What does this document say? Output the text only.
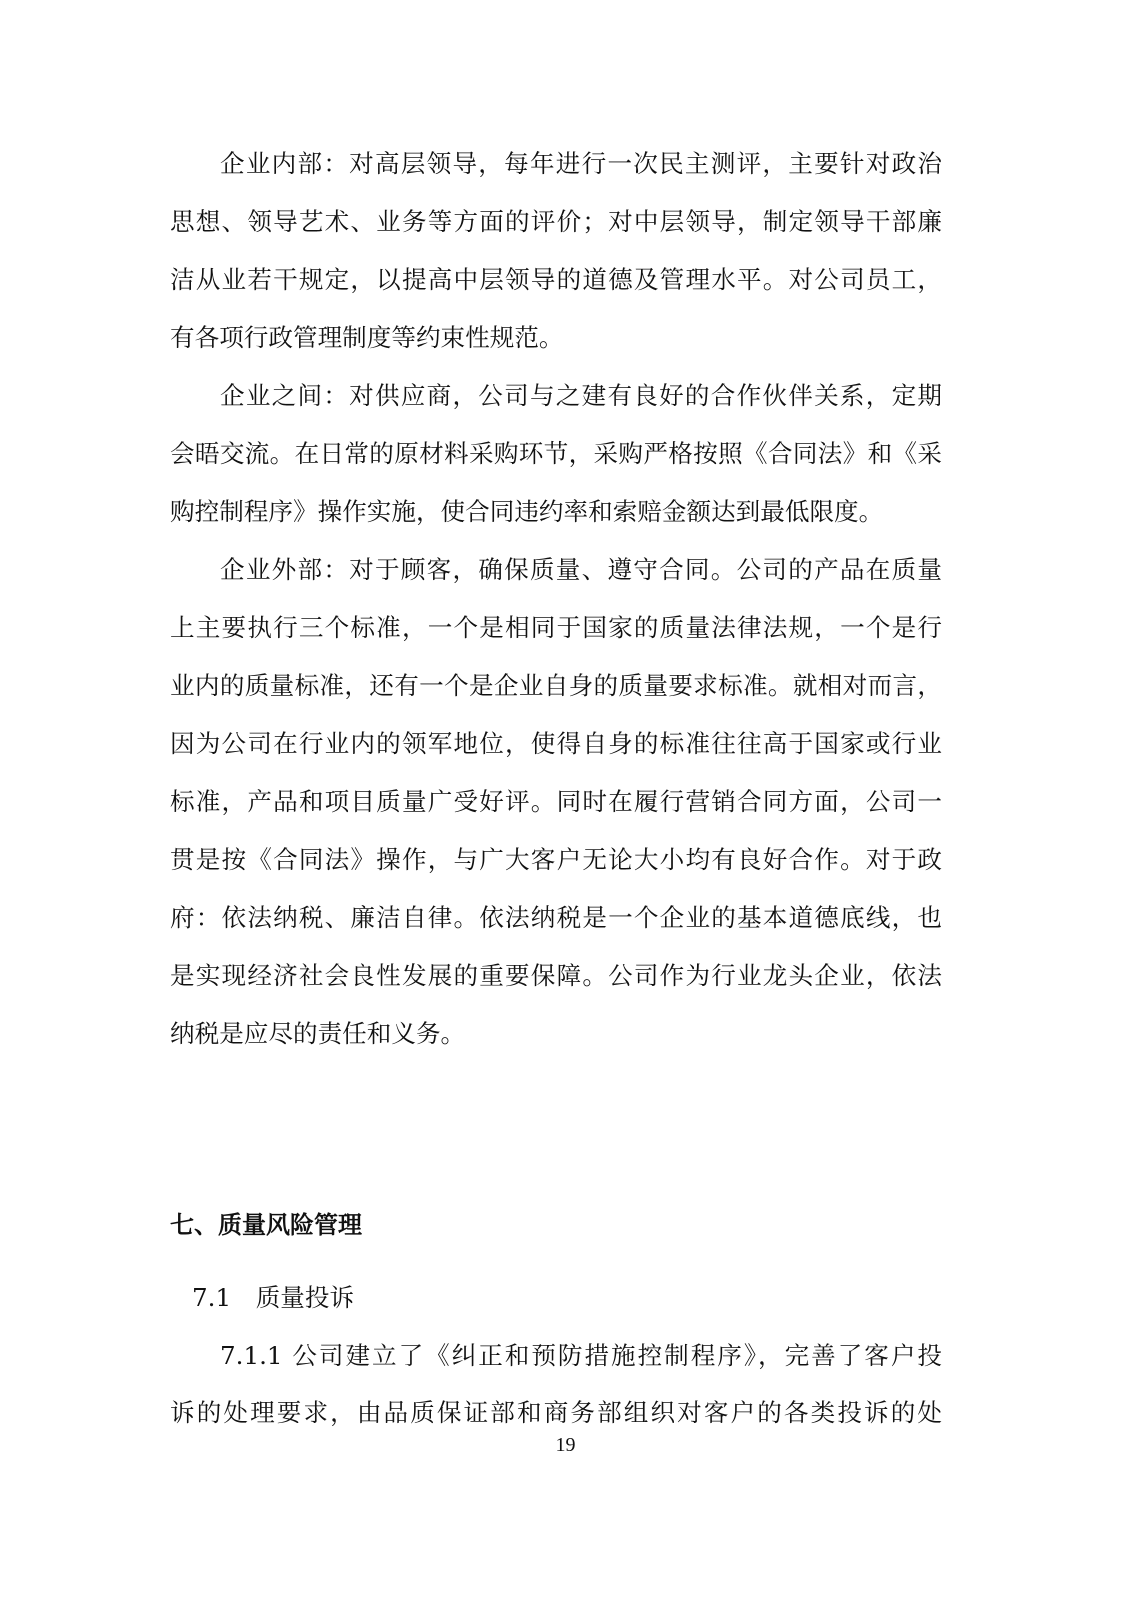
企业内部：对高层领导，每年进行一次民主测评，主要针对政治
思想、领导艺术、业务等方面的评价；对中层领导，制定领导干部廉
洁从业若干规定，以提高中层领导的道德及管理水平。对公司员工，
有各项行政管理制度等约束性规范。
企业之间：对供应商，公司与之建有良好的合作伙伴关系，定期
会晤交流。在日常的原材料采购环节，采购严格按照《合同法》和《采
购控制程序》操作实施，使合同违约率和索赔金额达到最低限度。
企业外部：对于顾客，确保质量、遵守合同。公司的产品在质量
上主要执行三个标准，一个是相同于国家的质量法律法规，一个是行
业内的质量标准，还有一个是企业自身的质量要求标准。就相对而言，
因为公司在行业内的领军地位，使得自身的标准往往高于国家或行业
标准，产品和项目质量广受好评。同时在履行营销合同方面，公司一
贯是按《合同法》操作，与广大客户无论大小均有良好合作。对于政
府：依法纳税、廉洁自律。依法纳税是一个企业的基本道德底线，也
是实现经济社会良性发展的重要保障。公司作为行业龙头企业，依法
纳税是应尽的责任和义务。
七、质量风险管理
7.1　质量投诉
7.1.1 公司建立了《纠正和预防措施控制程序》，完善了客户投
诉的处理要求，由品质保证部和商务部组织对客户的各类投诉的处
19
